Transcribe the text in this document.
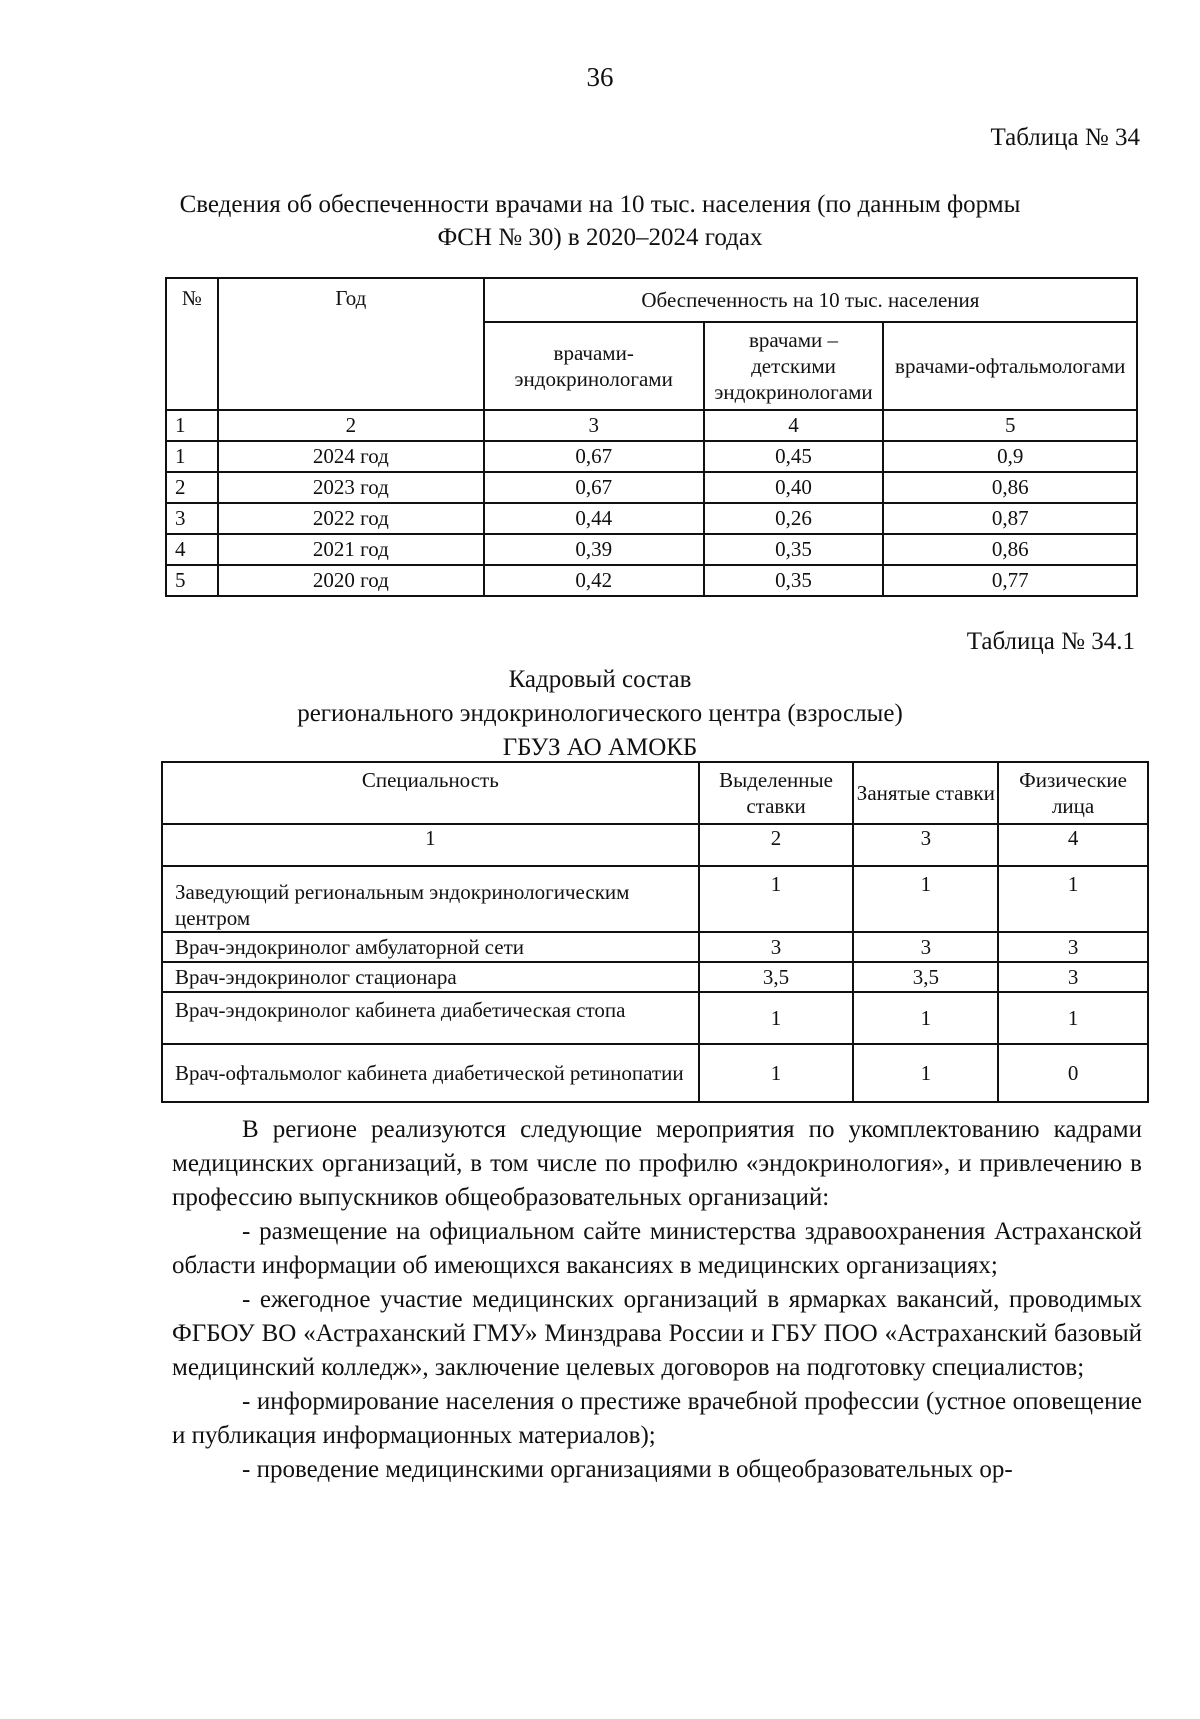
36
Таблица № 34
Сведения об обеспеченности врачами на 10 тыс. населения (по данным формы
ФСН № 30) в 2020–2024 годах
№	Год	Обеспеченность на 10 тыс. населения		
		врачами-эндокринологами	врачами – детскими эндокринологами	врачами-офтальмологами
1	2	3	4	5
1	2024 год	0,67	0,45	0,9
2	2023 год	0,67	0,40	0,86
3	2022 год	0,44	0,26	0,87
4	2021 год	0,39	0,35	0,86
5	2020 год	0,42	0,35	0,77
Таблица № 34.1
Кадровый состав
регионального эндокринологического центра (взрослые)
ГБУЗ АО АМОКБ
Специальность	Выделенные ставки	Занятые ставки	Физические лица
1	2	3	4
Заведующий региональным эндокринологическим центром	1	1	1
Врач-эндокринолог амбулаторной сети	3	3	3
Врач-эндокринолог стационара	3,5	3,5	3
Врач-эндокринолог кабинета диабетическая стопа	1	1	1
Врач-офтальмолог кабинета диабетической ретинопатии	1	1	0

В регионе реализуются следующие мероприятия по укомплектованию кадрами медицинских организаций, в том числе по профилю «эндокринология», и привлечению в профессию выпускников общеобразовательных организаций:

- размещение на официальном сайте министерства здравоохранения Астраханской области информации об имеющихся вакансиях в медицинских организациях;

- ежегодное участие медицинских организаций в ярмарках вакансий, проводимых ФГБОУ ВО «Астраханский ГМУ» Минздрава России и ГБУ ПОО «Астраханский базовый медицинский колледж», заключение целевых договоров на подготовку специалистов;

- информирование населения о престиже врачебной профессии (устное оповещение и публикация информационных материалов);

- проведение медицинскими организациями в общеобразовательных ор-
